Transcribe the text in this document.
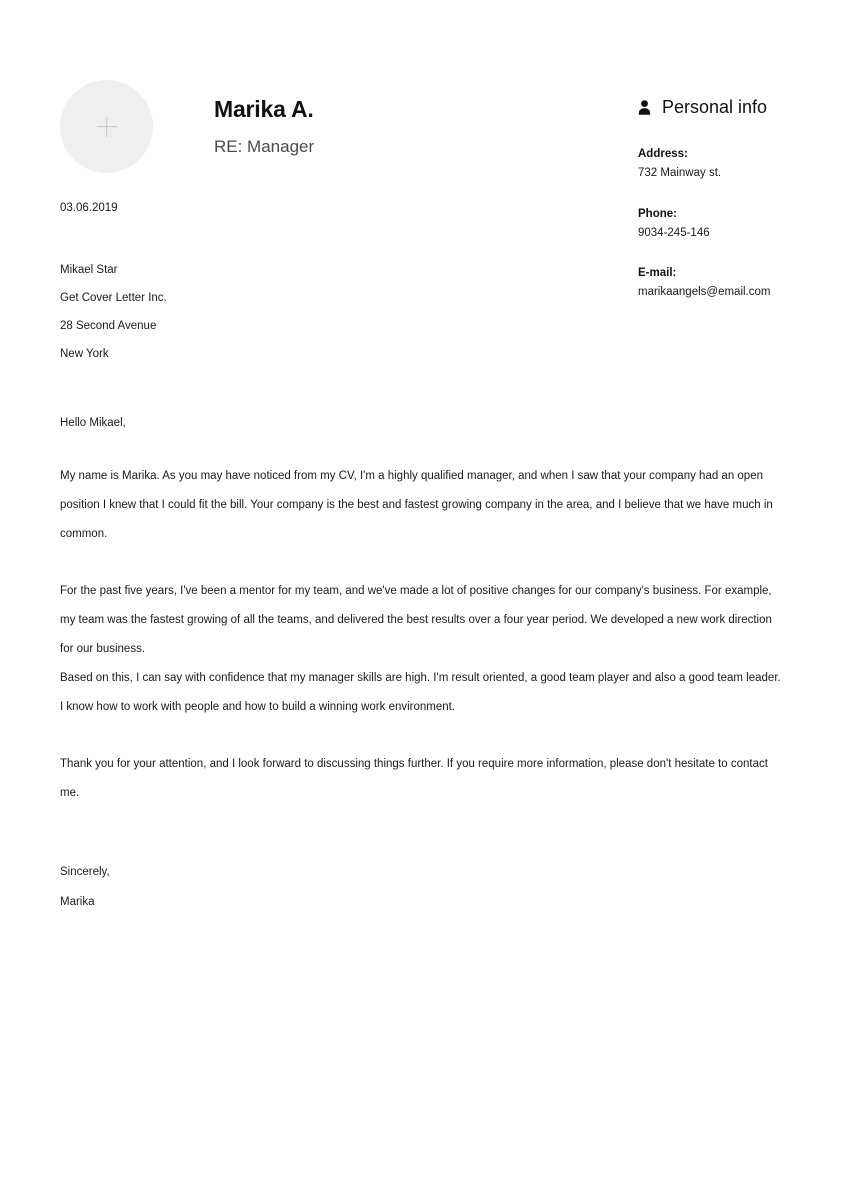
Marika A.
RE: Manager
Personal info
Address:
732 Mainway st.
Phone:
9034-245-146
E-mail:
marikaangels@email.com
03.06.2019
Mikael Star
Get Cover Letter Inc.
28 Second Avenue
New York
Hello Mikael,

My name is Marika. As you may have noticed from my CV, I'm a highly qualified manager, and when I saw that your company had an open position I knew that I could fit the bill. Your company is the best and fastest growing company in the area, and I believe that we have much in common.

For the past five years, I've been a mentor for my team, and we've made a lot of positive changes for our company's business. For example, my team was the fastest growing of all the teams, and delivered the best results over a four year period. We developed a new work direction for our business.

Based on this, I can say with confidence that my manager skills are high. I'm result oriented, a good team player and also a good team leader. I know how to work with people and how to build a winning work environment.

Thank you for your attention, and I look forward to discussing things further. If you require more information, please don't hesitate to contact me.

Sincerely,
Marika
